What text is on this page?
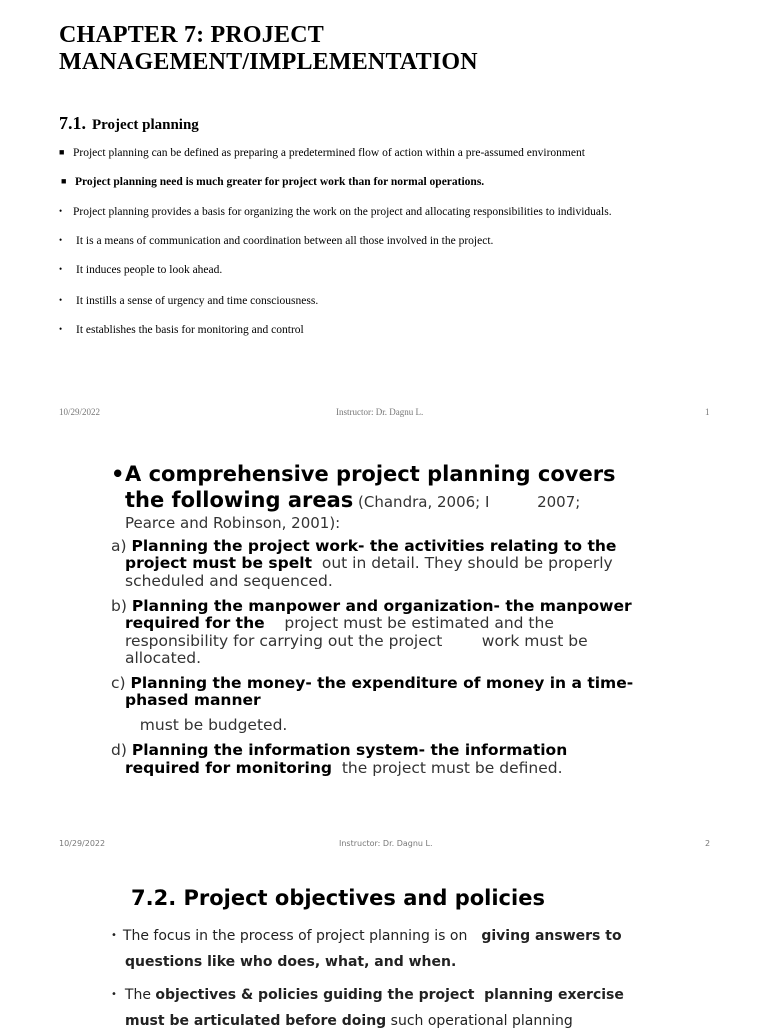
CHAPTER 7: PROJECT
MANAGEMENT/IMPLEMENTATION
7.1. Project planning
■ Project planning can be defined as preparing a predetermined flow of action within a pre-assumed environment
■ Project planning need is much greater for project work than for normal operations.
• Project planning provides a basis for organizing the work on the project and allocating responsibilities to individuals.
• It is a means of communication and coordination between all those involved in the project.
• It induces people to look ahead.
• It instills a sense of urgency and time consciousness.
• It establishes the basis for monitoring and control
10/29/2022	Instructor: Dr. Dagnu L.	1
• A comprehensive project planning covers
the following areas (Chandra, 2006; I          2007;
Pearce and Robinson, 2001):
a) Planning the project work- the activities relating to the
project must be spelt  out in detail. They should be properly
scheduled and sequenced.
b) Planning the manpower and organization- the manpower
required for the    project must be estimated and the
responsibility for carrying out the project        work must be
allocated.
c) Planning the money- the expenditure of money in a time-
phased manner
must be budgeted.
d) Planning the information system- the information
required for monitoring  the project must be defined.
10/29/2022	Instructor: Dr. Dagnu L.	2
7.2. Project objectives and policies
• The focus in the process of project planning is on giving answers to
questions like who does, what, and when.
• The objectives & policies guiding the project  planning exercise
must be articulated before doing such operational planning
